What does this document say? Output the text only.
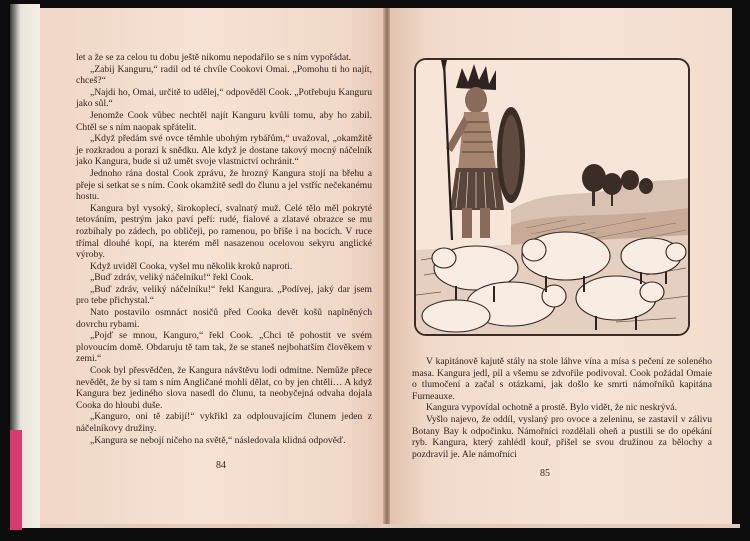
let a že se za celou tu dobu ještě nikomu nepodařilo se s ním vypořádat.

„Zabij Kanguru,“ radil od té chvíle Cookovi Omai. „Pomohu ti ho najít, chceš?“

„Najdi ho, Omai, určitě to udělej,“ odpověděl Cook. „Potřebuju Kanguru jako sůl.“

Jenomže Cook vůbec nechtěl najít Kanguru kvůli tomu, aby ho zabil. Chtěl se s ním naopak spřátelit.

„Když předám své ovce těmhle ubohým rybářům,“ uvažoval, „okamžitě je rozkradou a porazí k snědku. Ale když je dostane takový mocný náčelník jako Kangura, bude si už umět svoje vlastnictví ochránit.“

Jednoho rána dostal Cook zprávu, že hrozný Kangura stojí na břehu a přeje si setkat se s ním. Cook okamžitě sedl do člunu a jel vstříc nečekanému hostu.

Kangura byl vysoký, širokoplecí, svalnatý muž. Celé tělo měl pokryté tetováním, pestrým jako paví peří: rudé, fialové a zlatavé obrazce se mu rozbíhaly po zádech, po obličeji, po ramenou, po břiše i na bocích. V ruce třímal dlouhé kopí, na kterém měl nasazenou ocelovou sekyru anglické výroby.

Když uviděl Cooka, vyšel mu několik kroků naproti.

„Buď zdráv, veliký náčelníku!“ řekl Cook.

„Buď zdráv, veliký náčelníku!“ řekl Kangura. „Podívej, jaký dar jsem pro tebe přichystal.“

Nato postavilo osmnáct nosičů před Cooka devět košů naplněných dovrchu rybami.

„Pojď se mnou, Kanguro,“ řekl Cook. „Chci tě pohostit ve svém plovoucím domě. Obdaruju tě tam tak, že se staneš nejbohatším člověkem v zemi.“

Cook byl přesvědčen, že Kangura návštěvu lodi odmítne. Nemůže přece nevědět, že by si tam s ním Angličané mohli dělat, co by jen chtěli… A když Kangura bez jediného slova nasedl do člunu, ta neobyčejná odvaha dojala Cooka do hloubi duše.

„Kanguro, oni tě zabijí!“ vykřikl za odplouvajícím člunem jeden z náčelníkovy družiny.

„Kangura se nebojí ničeho na světě,“ následovala klidná odpověď.

84

V kapitánově kajutě stály na stole láhve vína a mísa s pečení ze soleného masa. Kangura jedl, pil a všemu se zdvořile podivoval. Cook požádal Omaie o tlumočení a začal s otázkami, jak došlo ke smrti námořníků kapitána Furneauxe.

Kangura vypovídal ochotně a prostě. Bylo vidět, že nic neskrývá.

Vyšlo najevo, že oddíl, vyslaný pro ovoce a zeleninu, se zastavil v zálivu Botany Bay k odpočinku. Námořníci rozdělali oheň a pustili se do opékání ryb. Kangura, který zahlédl kouř, přišel se svou družinou za bělochy a pozdravil je. Ale námořníci

85
